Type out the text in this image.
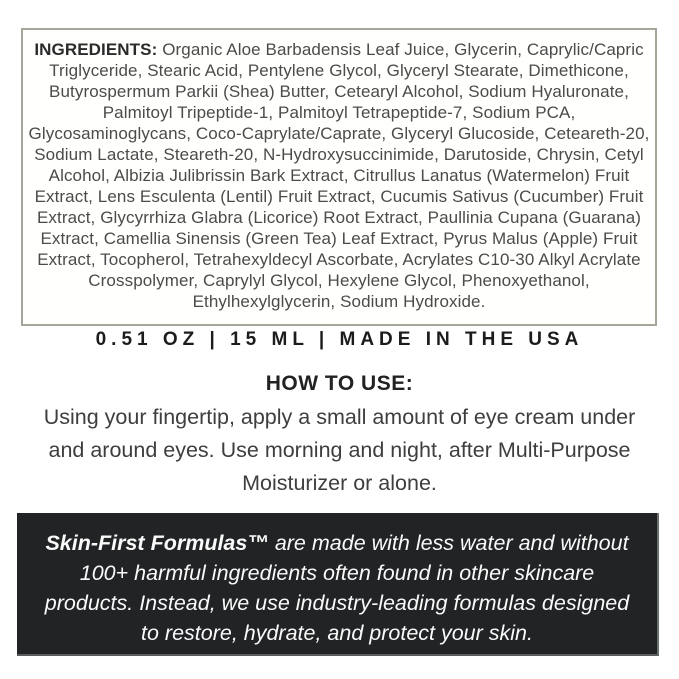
INGREDIENTS: Organic Aloe Barbadensis Leaf Juice, Glycerin, Caprylic/Capric Triglyceride, Stearic Acid, Pentylene Glycol, Glyceryl Stearate, Dimethicone, Butyrospermum Parkii (Shea) Butter, Cetearyl Alcohol, Sodium Hyaluronate, Palmitoyl Tripeptide-1, Palmitoyl Tetrapeptide-7, Sodium PCA, Glycosaminoglycans, Coco-Caprylate/Caprate, Glyceryl Glucoside, Ceteareth-20, Sodium Lactate, Steareth-20, N-Hydroxysuccinimide, Darutoside, Chrysin, Cetyl Alcohol, Albizia Julibrissin Bark Extract, Citrullus Lanatus (Watermelon) Fruit Extract, Lens Esculenta (Lentil) Fruit Extract, Cucumis Sativus (Cucumber) Fruit Extract, Glycyrrhiza Glabra (Licorice) Root Extract, Paullinia Cupana (Guarana) Extract, Camellia Sinensis (Green Tea) Leaf Extract, Pyrus Malus (Apple) Fruit Extract, Tocopherol, Tetrahexyldecyl Ascorbate, Acrylates C10-30 Alkyl Acrylate Crosspolymer, Caprylyl Glycol, Hexylene Glycol, Phenoxyethanol, Ethylhexylglycerin, Sodium Hydroxide.
0.51 OZ | 15 ML | MADE IN THE USA
HOW TO USE:
Using your fingertip, apply a small amount of eye cream under and around eyes. Use morning and night, after Multi-Purpose Moisturizer or alone.
Skin-First Formulas™ are made with less water and without 100+ harmful ingredients often found in other skincare products. Instead, we use industry-leading formulas designed to restore, hydrate, and protect your skin.
